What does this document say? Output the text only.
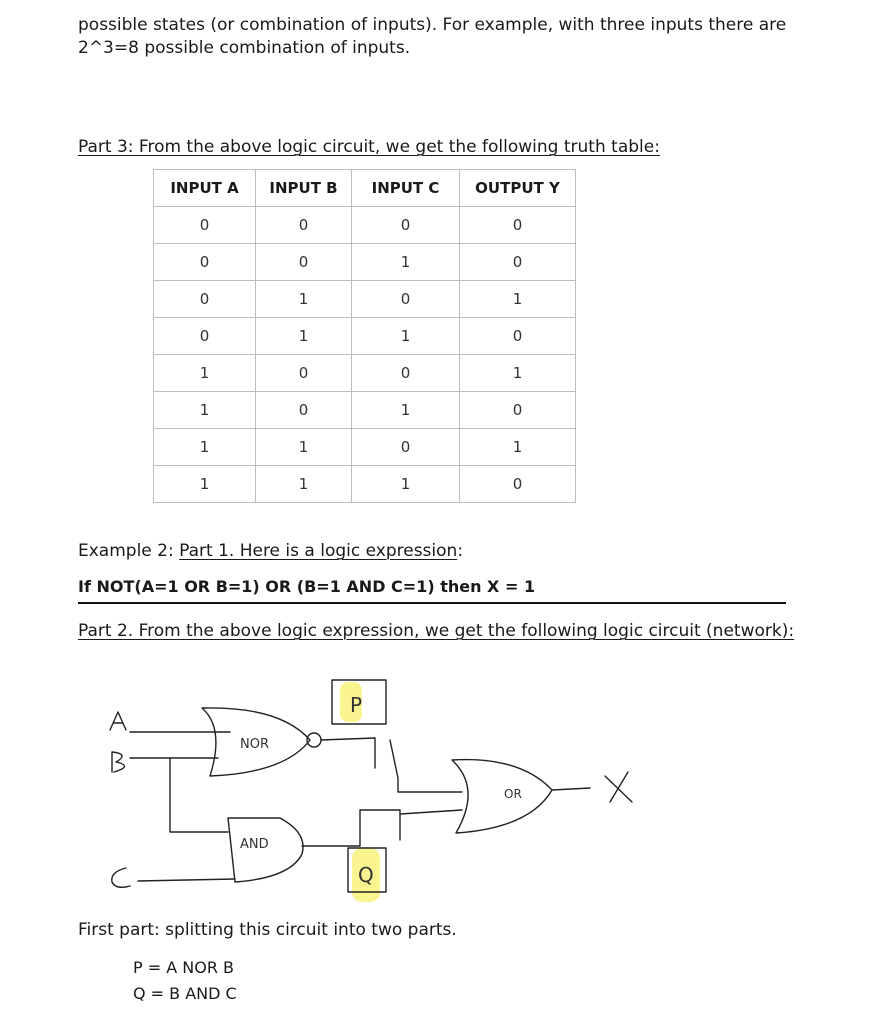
possible states (or combination of inputs). For example, with three inputs there are
2^3=8 possible combination of inputs.

Part 3: From the above logic circuit, we get the following truth table:

INPUT A	INPUT B	INPUT C	OUTPUT Y
0	0	0	0
0	0	1	0
0	1	0	1
0	1	1	0
1	0	0	1
1	0	1	0
1	1	0	1
1	1	1	0

Example 2: Part 1. Here is a logic expression:

If NOT(A=1 OR B=1) OR (B=1 AND C=1) then X = 1

Part 2. From the above logic expression, we get the following logic circuit (network):

NOR
AND
OR
P
Q
A
B
C
X

First part: splitting this circuit into two parts.

P = A NOR B

Q = B AND C
